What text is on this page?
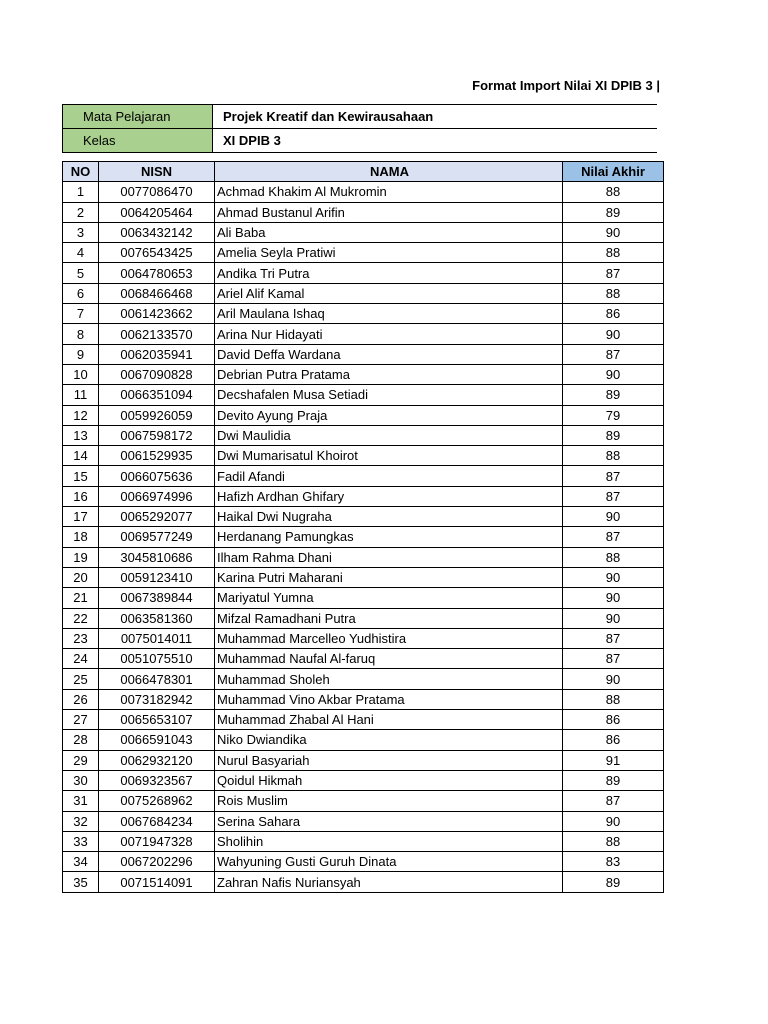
Format Import Nilai XI DPIB 3 |
Mata Pelajaran	Projek Kreatif dan Kewirausahaan
Kelas	XI DPIB 3
NO	NISN	NAMA	Nilai Akhir
1	0077086470	Achmad Khakim Al Mukromin	88
2	0064205464	Ahmad Bustanul Arifin	89
3	0063432142	Ali Baba	90
4	0076543425	Amelia Seyla Pratiwi	88
5	0064780653	Andika Tri Putra	87
6	0068466468	Ariel Alif Kamal	88
7	0061423662	Aril Maulana Ishaq	86
8	0062133570	Arina Nur Hidayati	90
9	0062035941	David Deffa Wardana	87
10	0067090828	Debrian Putra Pratama	90
11	0066351094	Decshafalen Musa Setiadi	89
12	0059926059	Devito Ayung Praja	79
13	0067598172	Dwi Maulidia	89
14	0061529935	Dwi Mumarisatul Khoirot	88
15	0066075636	Fadil Afandi	87
16	0066974996	Hafizh Ardhan Ghifary	87
17	0065292077	Haikal Dwi Nugraha	90
18	0069577249	Herdanang Pamungkas	87
19	3045810686	Ilham Rahma Dhani	88
20	0059123410	Karina Putri Maharani	90
21	0067389844	Mariyatul Yumna	90
22	0063581360	Mifzal Ramadhani Putra	90
23	0075014011	Muhammad Marcelleo Yudhistira	87
24	0051075510	Muhammad Naufal Al-faruq	87
25	0066478301	Muhammad Sholeh	90
26	0073182942	Muhammad Vino Akbar Pratama	88
27	0065653107	Muhammad Zhabal Al Hani	86
28	0066591043	Niko Dwiandika	86
29	0062932120	Nurul Basyariah	91
30	0069323567	Qoidul Hikmah	89
31	0075268962	Rois Muslim	87
32	0067684234	Serina Sahara	90
33	0071947328	Sholihin	88
34	0067202296	Wahyuning Gusti Guruh Dinata	83
35	0071514091	Zahran Nafis Nuriansyah	89
